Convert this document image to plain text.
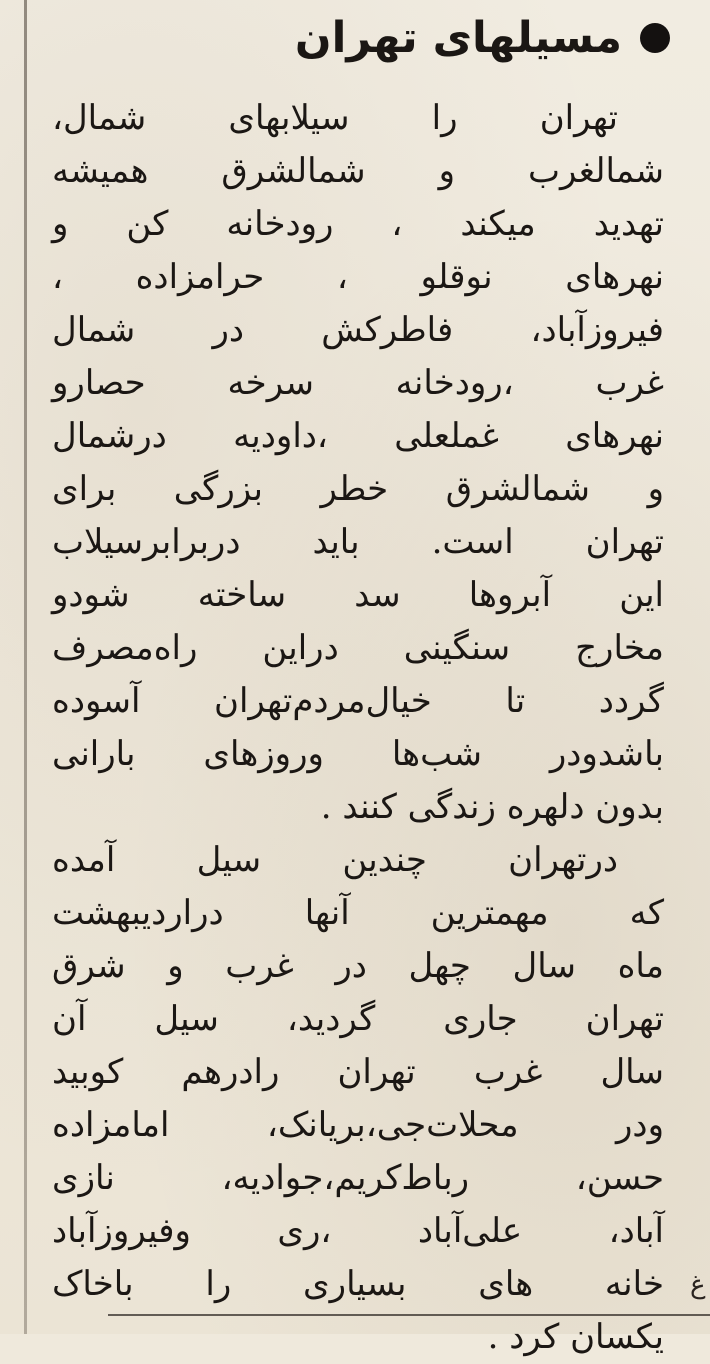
مسیلهای تهران
تهران را سیلابهای شمال،
شمالغرب و شمالشرق همیشه
تهدید میکند ، رودخانه کن و
نهرهای نوقلو ، حرامزاده ،
فیروزآباد، فاطرکش در شمال
غرب ،رودخانه سرخه حصارو
نهرهای غملعلی ،داودیه درشمال
و شمالشرق خطر بزرگی برای
تهران است. باید دربرابرسیلاب
این آبروها سد ساخته شودو
مخارج سنگینی دراین راه‌مصرف
گردد تا خیال‌مردم‌تهران آسوده
باشدودر شب‌ها وروزهای بارانی
بدون دلهره زندگی کنند .
درتهران چندین سیل آمده
که مهمترین آنها دراردیبهشت
ماه سال چهل در غرب و شرق
تهران جاری گردید، سیل آن
سال غرب تهران رادرهم کوبید
ودر محلات‌جی،بریانک، امامزاده
حسن، رباط‌کریم،جوادیه، نازی
آباد، علی‌آباد ،ری وفیروزآباد
خانه های بسیاری را باخاک
یکسان کرد .
غ
